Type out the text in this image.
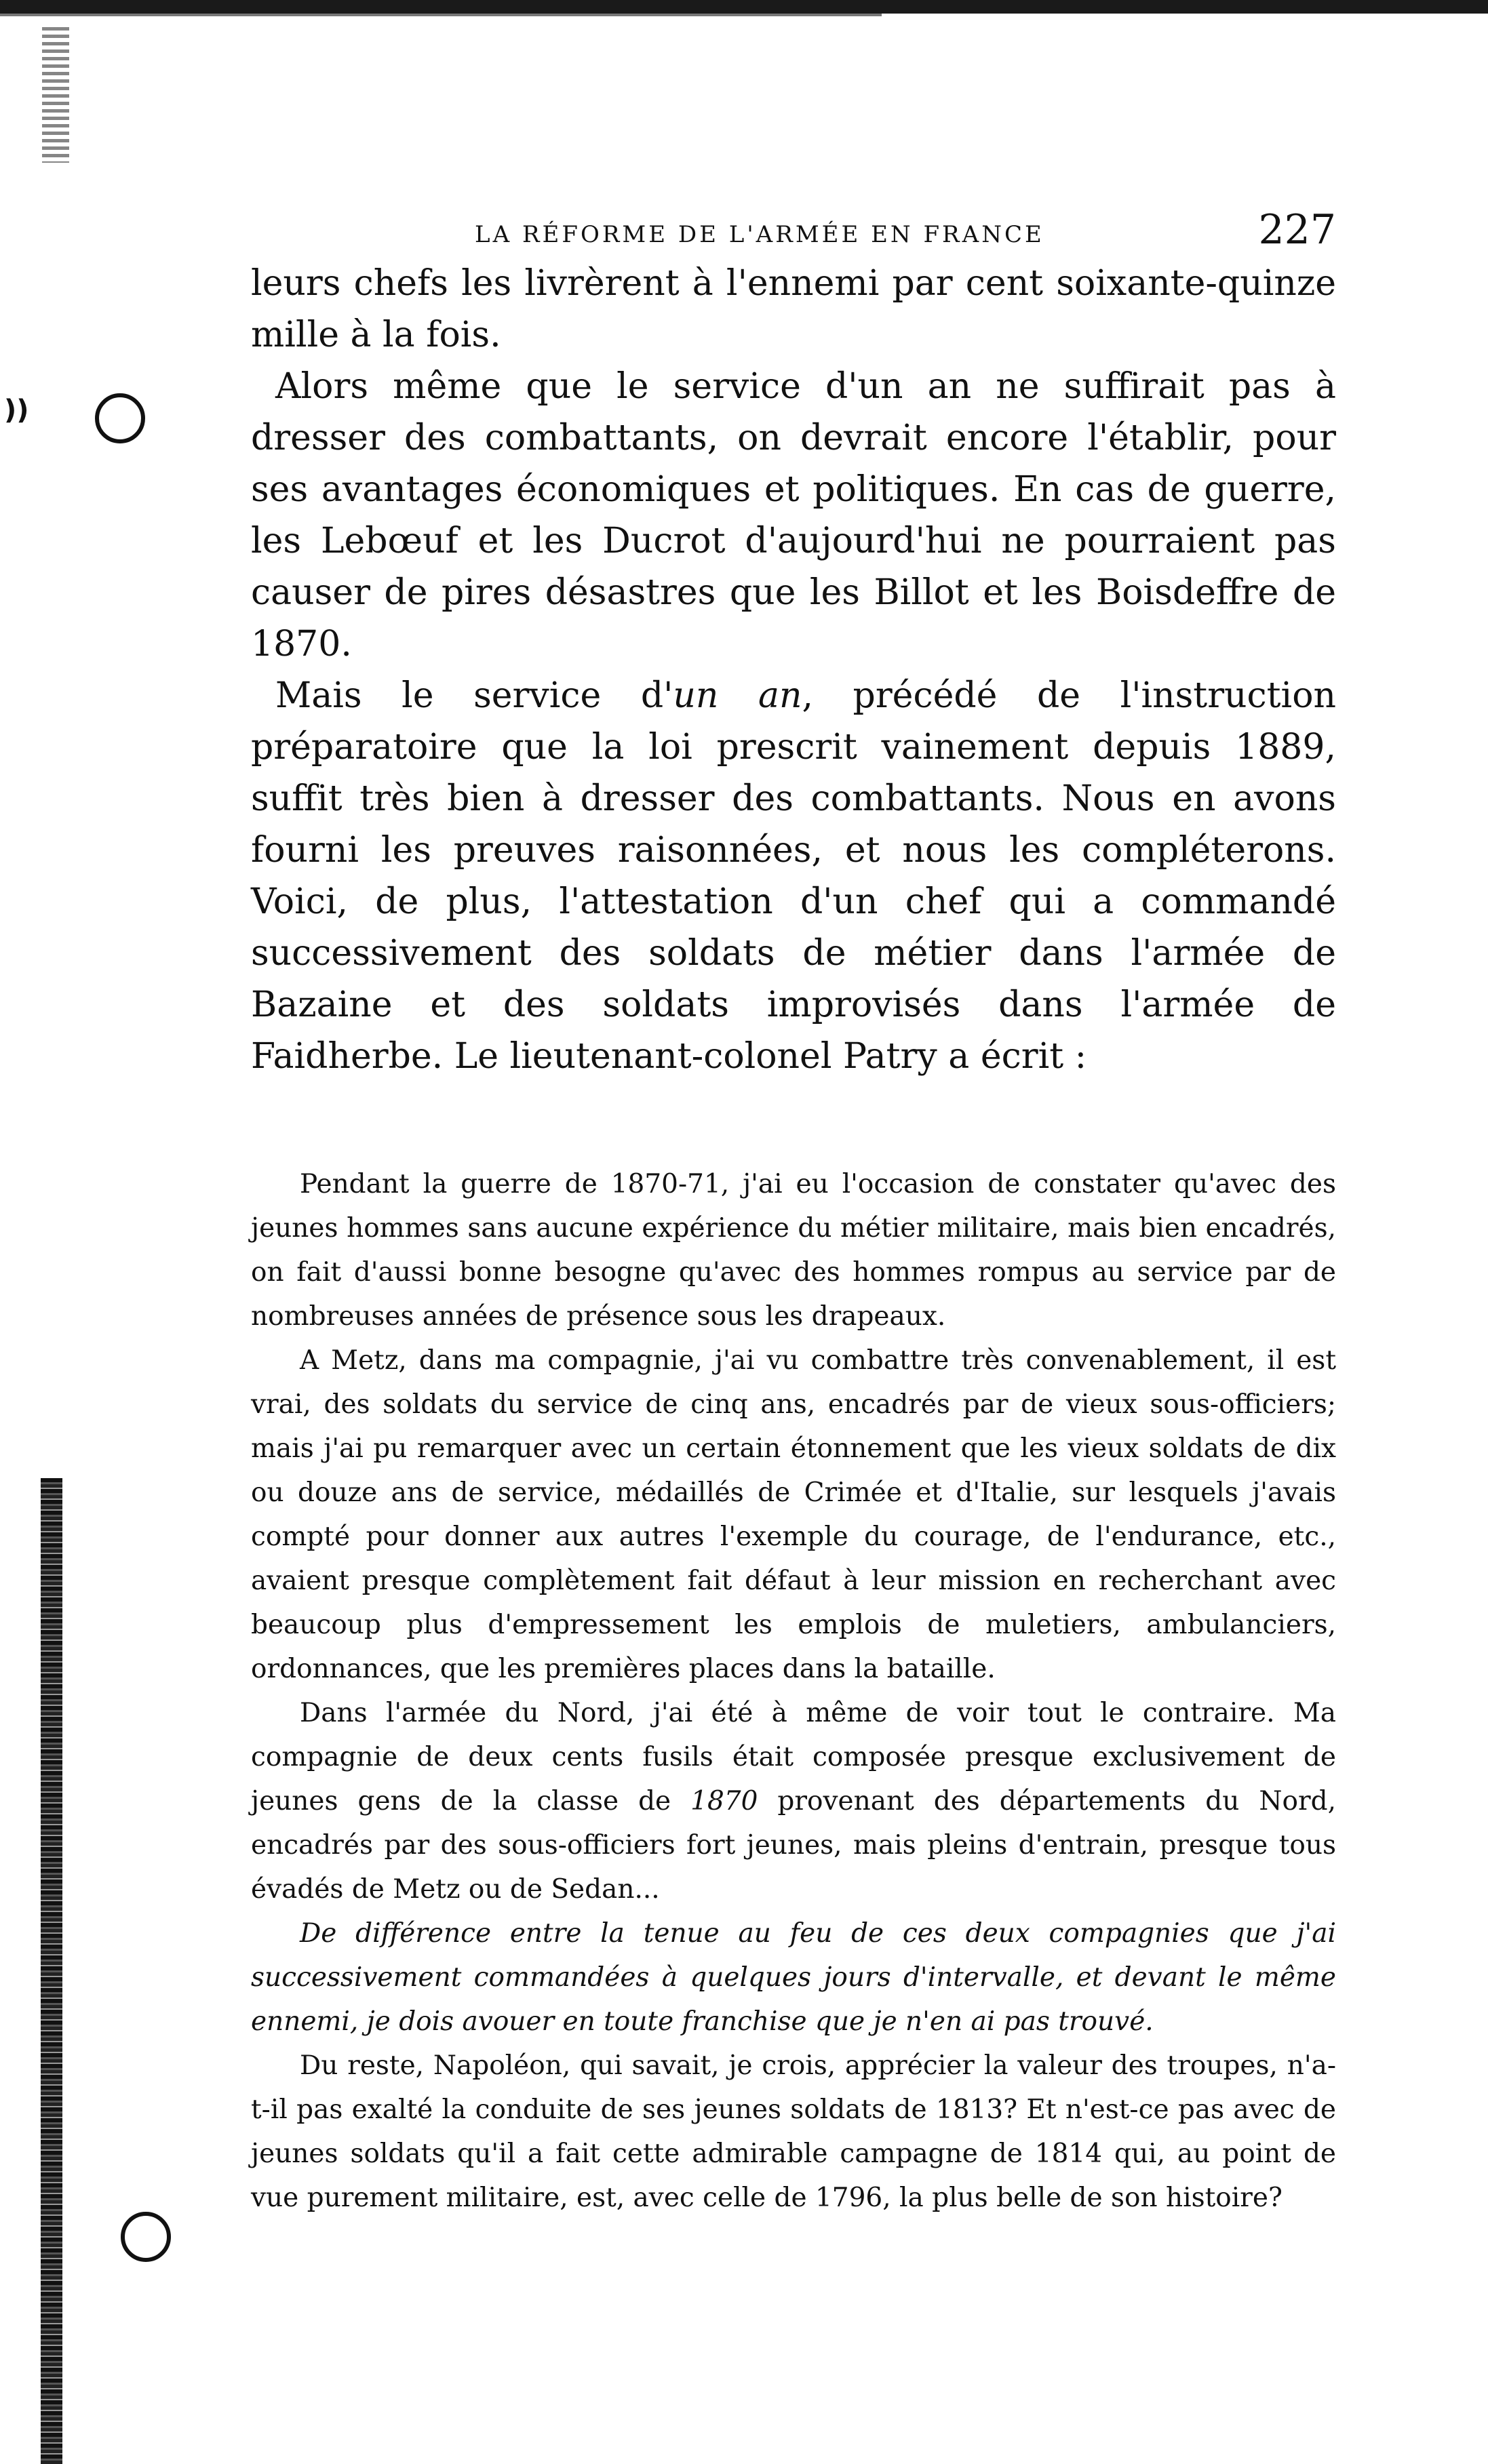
))
LA RÉFORME DE L'ARMÉE EN FRANCE	227

leurs chefs les livrèrent à l'ennemi par cent soixante-quinze mille à la fois.

Alors même que le service d'un an ne suffirait pas à dresser des combattants, on devrait encore l'établir, pour ses avantages économiques et politiques. En cas de guerre, les Lebœuf et les Ducrot d'aujourd'hui ne pourraient pas causer de pires désastres que les Billot et les Boisdeffre de 1870.

Mais le service d'un an, précédé de l'instruction préparatoire que la loi prescrit vainement depuis 1889, suffit très bien à dresser des combattants. Nous en avons fourni les preuves raisonnées, et nous les compléterons. Voici, de plus, l'attestation d'un chef qui a commandé successivement des soldats de métier dans l'armée de Bazaine et des soldats improvisés dans l'armée de Faidherbe. Le lieutenant-colonel Patry a écrit :

Pendant la guerre de 1870-71, j'ai eu l'occasion de constater qu'avec des jeunes hommes sans aucune expérience du métier militaire, mais bien encadrés, on fait d'aussi bonne besogne qu'avec des hommes rompus au service par de nombreuses années de présence sous les drapeaux.

A Metz, dans ma compagnie, j'ai vu combattre très convenablement, il est vrai, des soldats du service de cinq ans, encadrés par de vieux sous-officiers; mais j'ai pu remarquer avec un certain étonnement que les vieux soldats de dix ou douze ans de service, médaillés de Crimée et d'Italie, sur lesquels j'avais compté pour donner aux autres l'exemple du courage, de l'endurance, etc., avaient presque complètement fait défaut à leur mission en recherchant avec beaucoup plus d'empressement les emplois de muletiers, ambulanciers, ordonnances, que les premières places dans la bataille.

Dans l'armée du Nord, j'ai été à même de voir tout le contraire. Ma compagnie de deux cents fusils était composée presque exclusivement de jeunes gens de la classe de 1870 provenant des départements du Nord, encadrés par des sous-officiers fort jeunes, mais pleins d'entrain, presque tous évadés de Metz ou de Sedan...

De différence entre la tenue au feu de ces deux compagnies que j'ai successivement commandées à quelques jours d'intervalle, et devant le même ennemi, je dois avouer en toute franchise que je n'en ai pas trouvé.

Du reste, Napoléon, qui savait, je crois, apprécier la valeur des troupes, n'a-t-il pas exalté la conduite de ses jeunes soldats de 1813? Et n'est-ce pas avec de jeunes soldats qu'il a fait cette admirable campagne de 1814 qui, au point de vue purement militaire, est, avec celle de 1796, la plus belle de son histoire?
